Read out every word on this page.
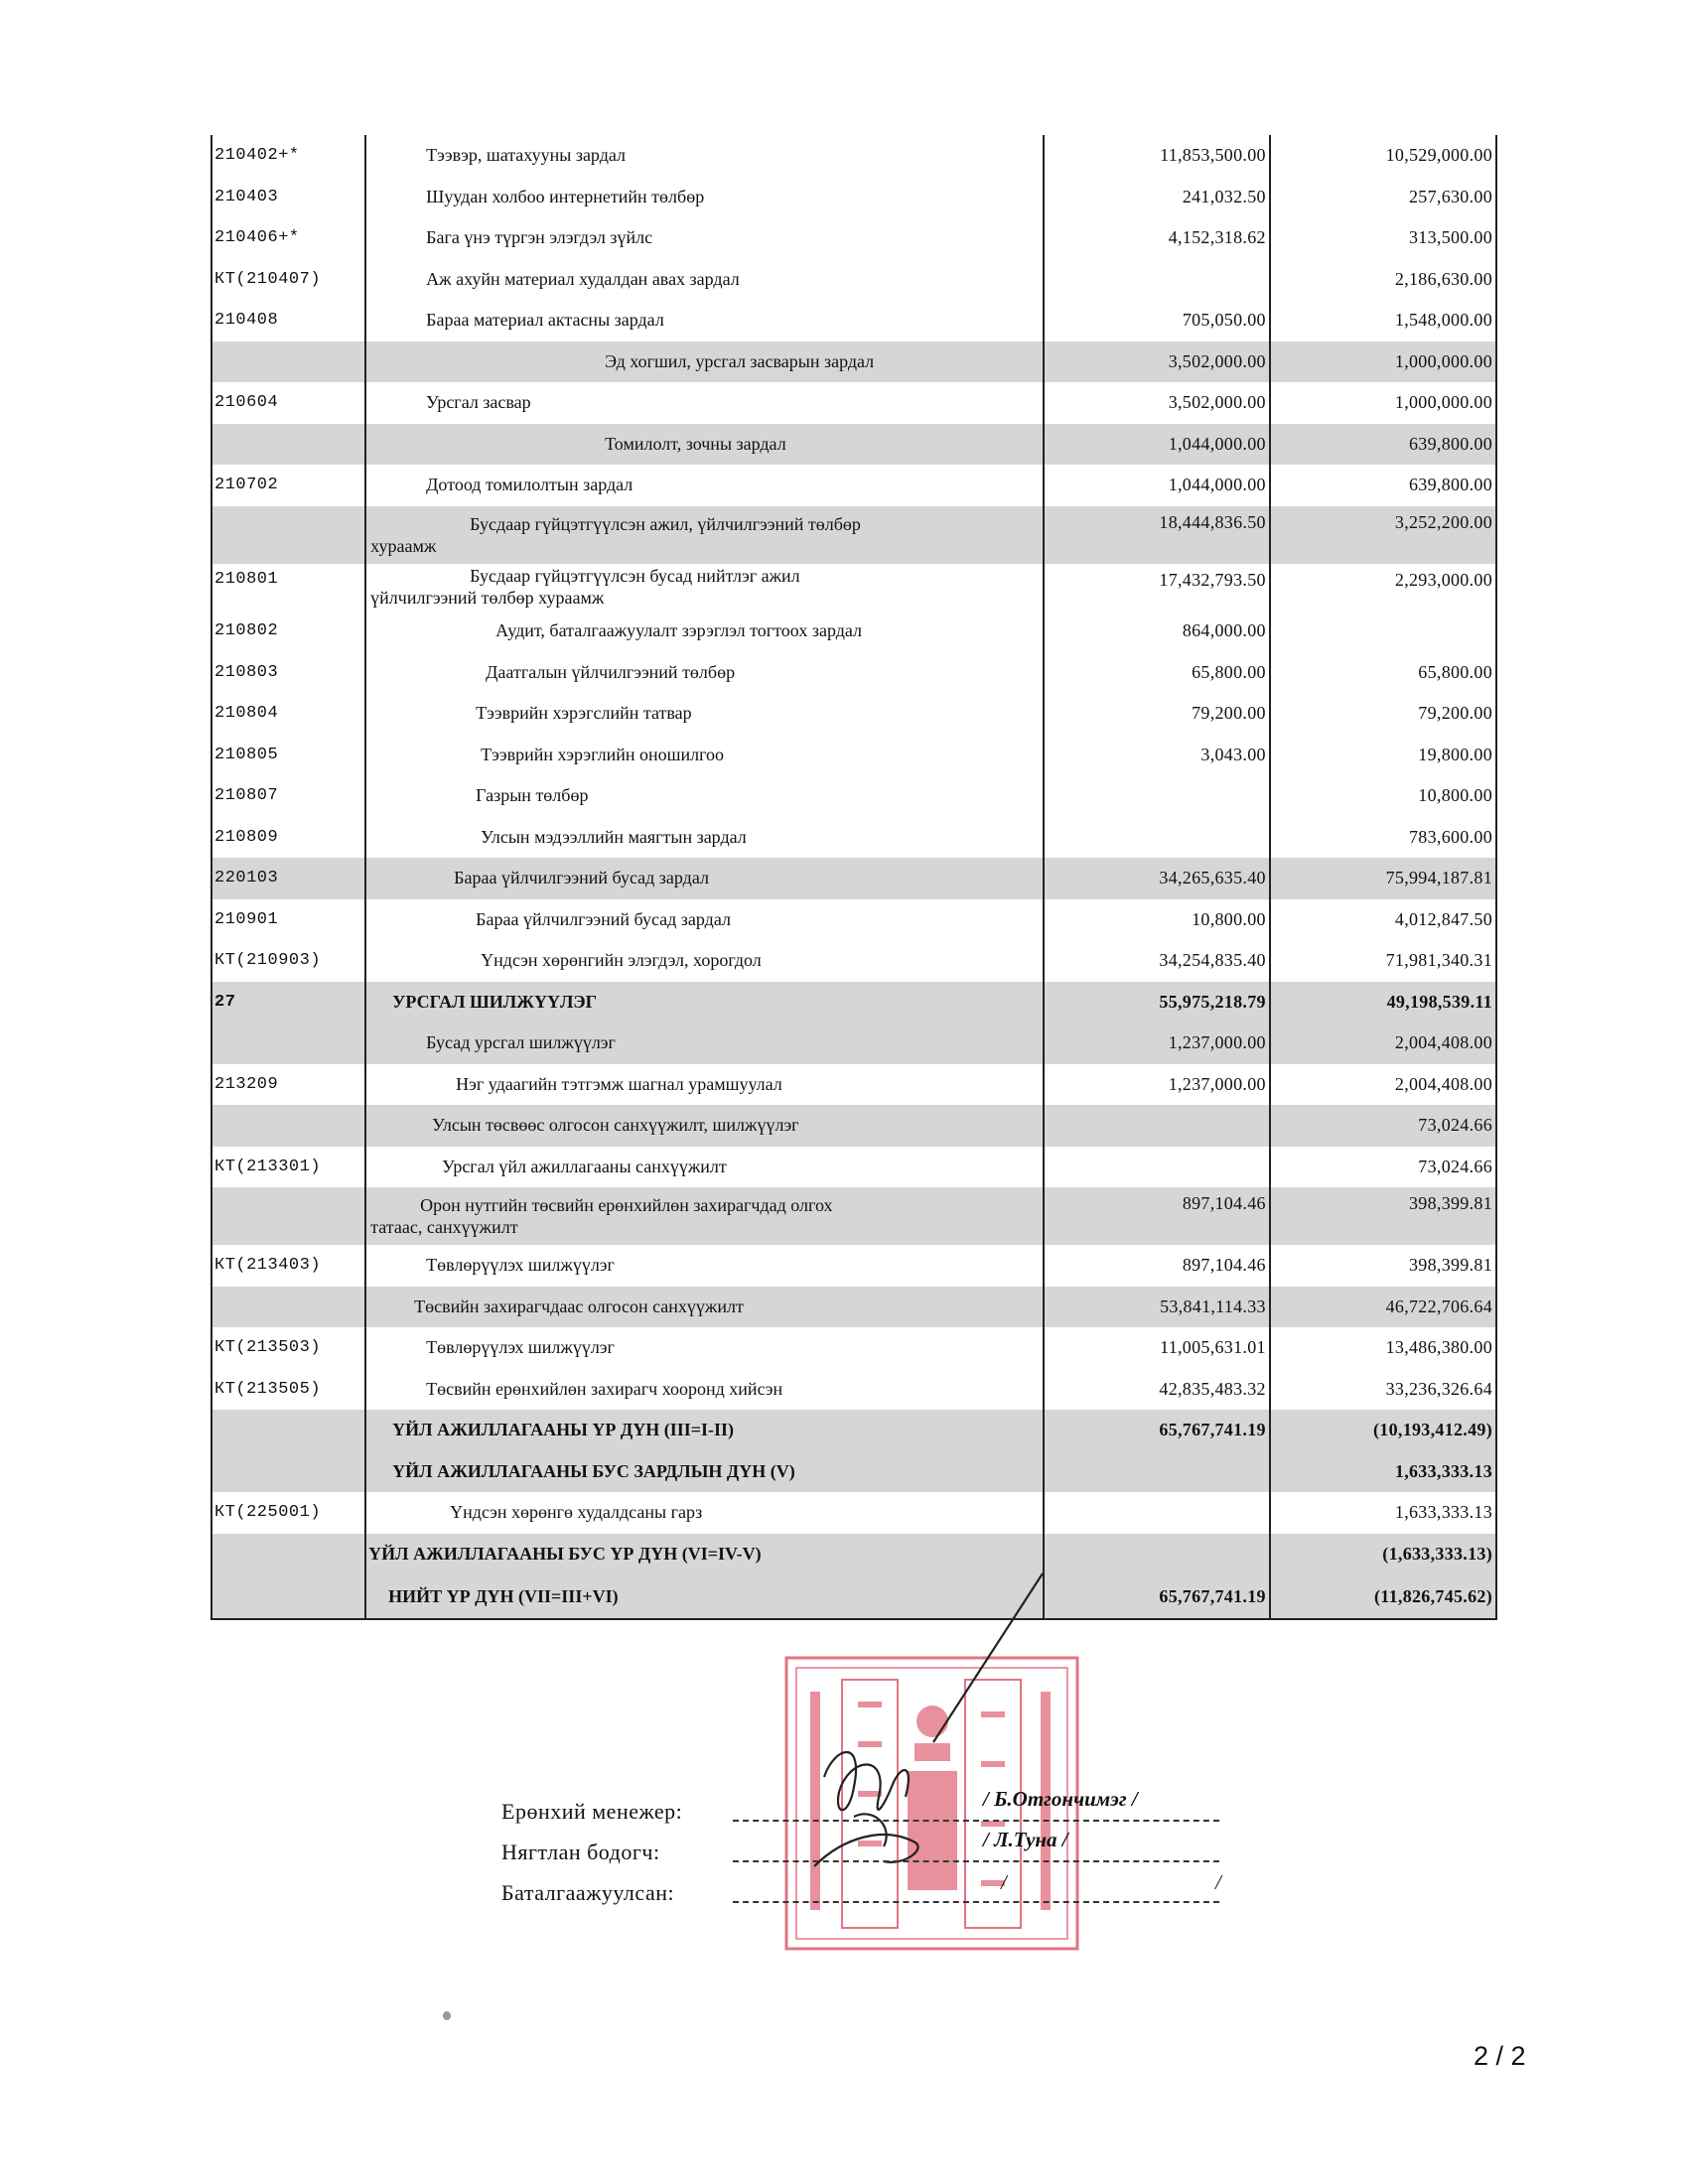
210402+*	Тээвэр, шатахууны зардал	11,853,500.00	10,529,000.00
210403	Шуудан холбоо интернетийн төлбөр	241,032.50	257,630.00
210406+*	Бага үнэ түргэн элэгдэл зүйлс	4,152,318.62	313,500.00
КТ(210407)	Аж ахуйн материал худалдан авах зардал		2,186,630.00
210408	Бараа материал актасны зардал	705,050.00	1,548,000.00
	Эд хогшил, урсгал засварын зардал	3,502,000.00	1,000,000.00
210604	Урсгал засвар	3,502,000.00	1,000,000.00
	Томилолт, зочны зардал	1,044,000.00	639,800.00
210702	Дотоод томилолтын зардал	1,044,000.00	639,800.00

	Бусдаар гүйцэтгүүлсэн ажил, үйлчилгээний төлбөр
хураамж	18,444,836.50	3,252,200.00
210801	Бусдаар гүйцэтгүүлсэн бусад нийтлэг ажил
үйлчилгээний төлбөр хураамж	17,432,793.50	2,293,000.00
210802	Аудит, баталгаажуулалт зэрэглэл тогтоох зардал	864,000.00	
210803	Даатгалын үйлчилгээний төлбөр	65,800.00	65,800.00
210804	Тээврийн хэрэгслийн татвар	79,200.00	79,200.00
210805	Тээврийн хэрэглийн оношилгоо	3,043.00	19,800.00
210807	Газрын төлбөр		10,800.00
210809	Улсын мэдээллийн маягтын зардал		783,600.00
220103	Бараа үйлчилгээний бусад зардал	34,265,635.40	75,994,187.81
210901	Бараа үйлчилгээний бусад зардал	10,800.00	4,012,847.50
КТ(210903)	Үндсэн хөрөнгийн элэгдэл, хорогдол	34,254,835.40	71,981,340.31
27	УРСГАЛ ШИЛЖҮҮЛЭГ	55,975,218.79	49,198,539.11
	Бусад урсгал шилжүүлэг	1,237,000.00	2,004,408.00
213209	Нэг удаагийн тэтгэмж шагнал урамшуулал	1,237,000.00	2,004,408.00
	Улсын төсвөөс олгосон санхүүжилт, шилжүүлэг		73,024.66
КТ(213301)	Урсгал үйл ажиллагааны санхүүжилт		73,024.66

	Орон нутгийн төсвийн ерөнхийлөн захирагчдад олгох
татаас, санхүүжилт	897,104.46	398,399.81
КТ(213403)	Төвлөрүүлэх шилжүүлэг	897,104.46	398,399.81
	Төсвийн захирагчдаас олгосон санхүүжилт	53,841,114.33	46,722,706.64
КТ(213503)	Төвлөрүүлэх шилжүүлэг	11,005,631.01	13,486,380.00
КТ(213505)	Төсвийн ерөнхийлөн захирагч хооронд хийсэн	42,835,483.32	33,236,326.64
	ҮЙЛ АЖИЛЛАГААНЫ ҮР ДҮН (III=I-II)	65,767,741.19	(10,193,412.49)
	ҮЙЛ АЖИЛЛАГААНЫ БУС ЗАРДЛЫН ДҮН (V)		1,633,333.13
КТ(225001)	Үндсэн хөрөнгө худалдсаны гарз		1,633,333.13
	ҮЙЛ АЖИЛЛАГААНЫ БУС ҮР ДҮН (VI=IV-V)		(1,633,333.13)
	НИЙТ ҮР ДҮН (VII=III+VI)	65,767,741.19	(11,826,745.62)
Ерөнхий менежер:	/ Б.Отгончимэг /
Нягтлан бодогч:	/ Л.Туна /
Баталгаажуулсан:	/	/
2 / 2
